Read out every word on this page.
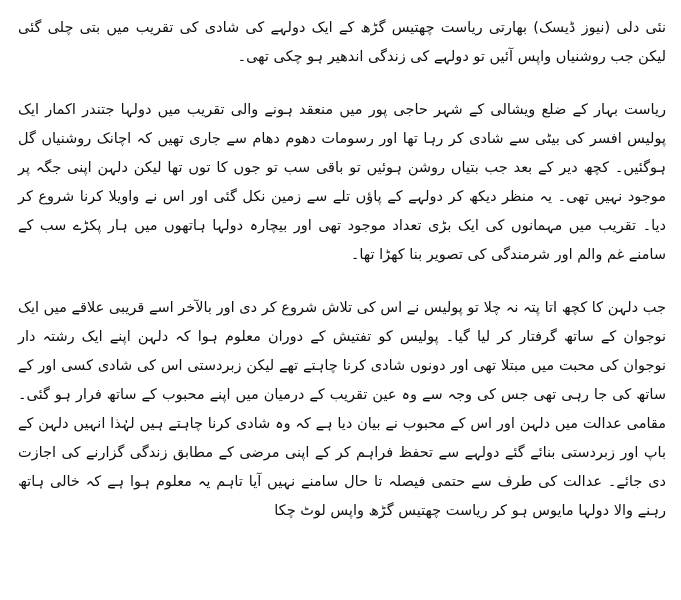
نئی دلی (نیوز ڈیسک) بھارتی ریاست چھتیس گڑھ کے ایک دولہے کی شادی کی تقریب میں بتی چلی گئی لیکن جب روشنیاں واپس آئیں تو دولہے کی زندگی اندھیر ہو چکی تھی۔

ریاست بہار کے ضلع ویشالی کے شہر حاجی پور میں منعقد ہونے والی تقریب میں دولہا جتندر اکمار ایک پولیس افسر کی بیٹی سے شادی کر رہا تھا اور رسومات دھوم دھام سے جاری تھیں کہ اچانک روشنیاں گل ہوگئیں۔ کچھ دیر کے بعد جب بتیاں روشن ہوئیں تو باقی سب تو جوں کا توں تھا لیکن دلہن اپنی جگہ پر موجود نہیں تھی۔ یہ منظر دیکھ کر دولہے کے پاؤں تلے سے زمین نکل گئی اور اس نے واویلا کرنا شروع کر دیا۔ تقریب میں مہمانوں کی ایک بڑی تعداد موجود تھی اور بیچارہ دولہا ہاتھوں میں ہار پکڑے سب کے سامنے غم والم اور شرمندگی کی تصویر بنا کھڑا تھا۔

جب دلہن کا کچھ اتا پتہ نہ چلا تو پولیس نے اس کی تلاش شروع کر دی اور بالآخر اسے قریبی علاقے میں ایک نوجوان کے ساتھ گرفتار کر لیا گیا۔ پولیس کو تفتیش کے دوران معلوم ہوا کہ دلہن اپنے ایک رشتہ دار نوجوان کی محبت میں مبتلا تھی اور دونوں شادی کرنا چاہتے تھے لیکن زبردستی اس کی شادی کسی اور کے ساتھ کی جا رہی تھی جس کی وجہ سے وہ عین تقریب کے درمیان میں اپنے محبوب کے ساتھ فرار ہو گئی۔ مقامی عدالت میں دلہن اور اس کے محبوب نے بیان دیا ہے کہ وہ شادی کرنا چاہتے ہیں لہٰذا انہیں دلہن کے باپ اور زبردستی بنائے گئے دولہے سے تحفظ فراہم کر کے اپنی مرضی کے مطابق زندگی گزارنے کی اجازت دی جائے۔ عدالت کی طرف سے حتمی فیصلہ تا حال سامنے نہیں آیا تاہم یہ معلوم ہوا ہے کہ خالی ہاتھ رہنے والا دولہا مایوس ہو کر ریاست چھتیس گڑھ واپس لوٹ چکا
